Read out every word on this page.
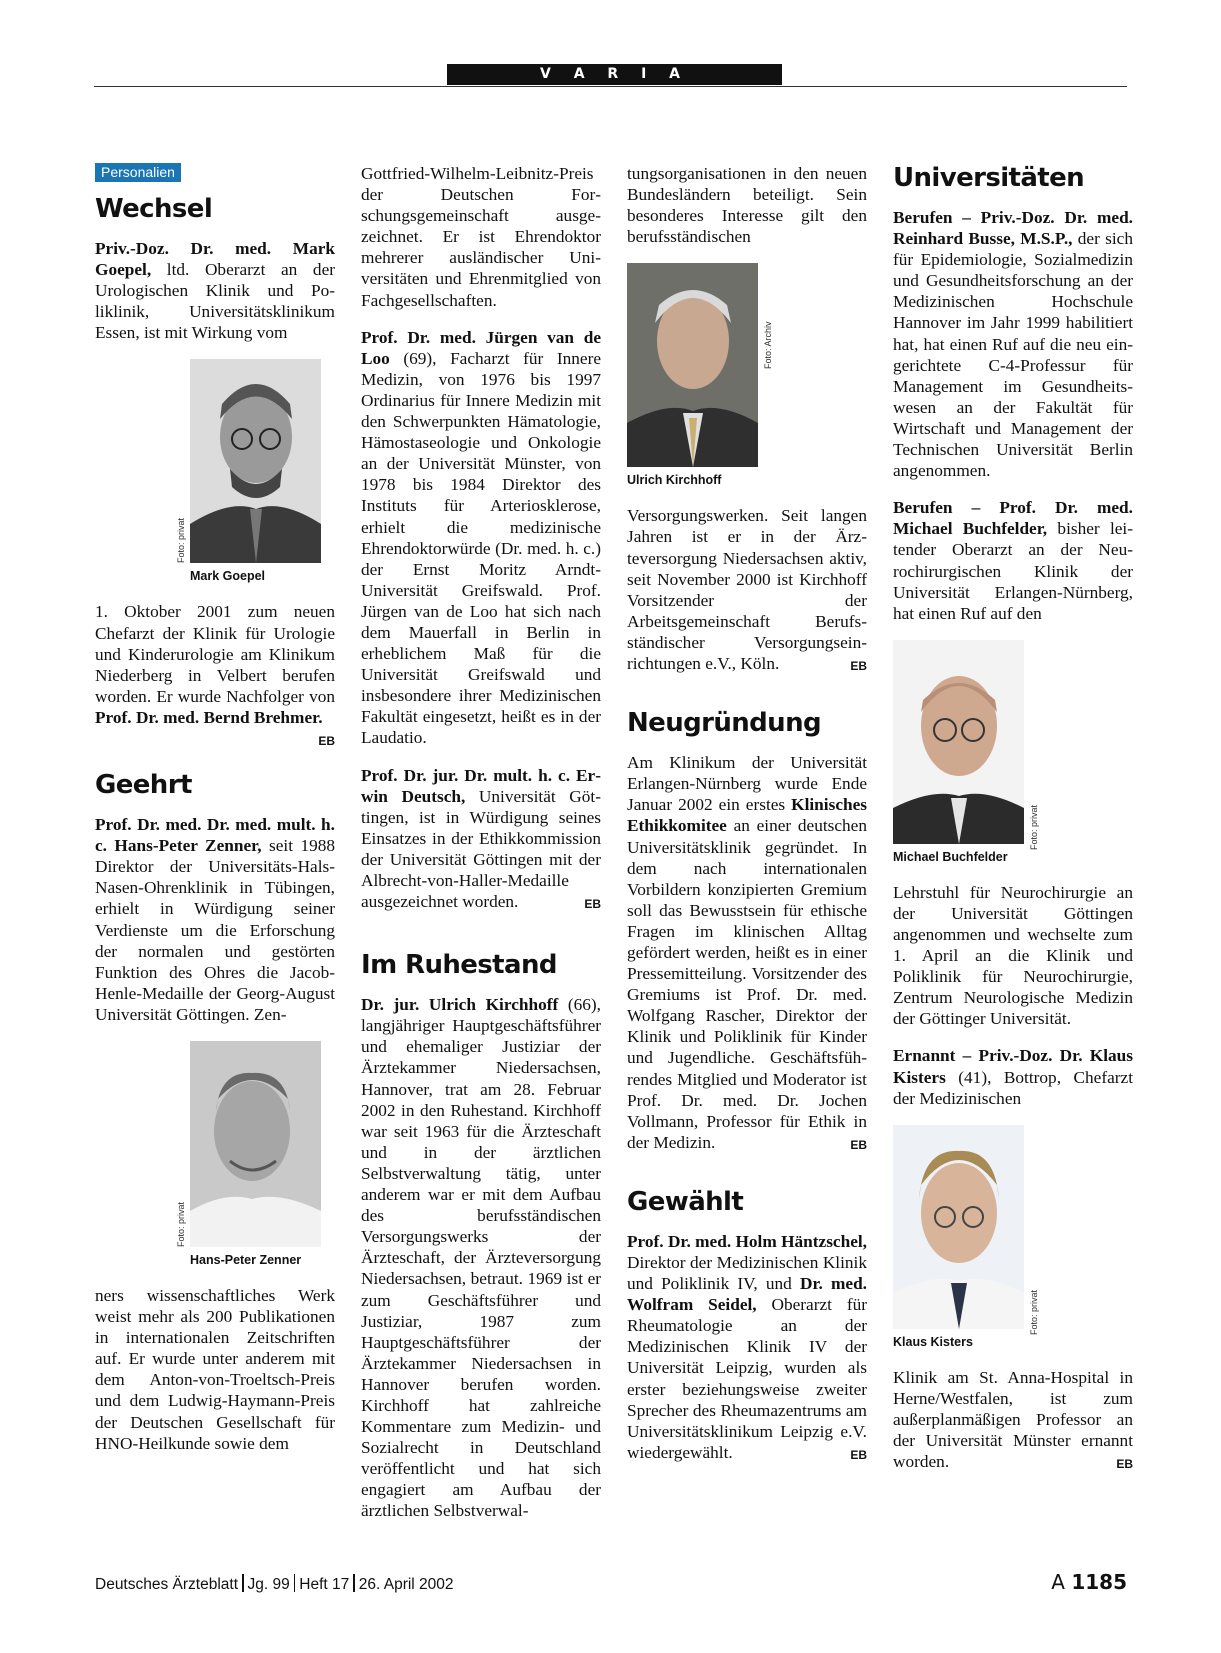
V A R I A
Personalien
Wechsel

Priv.-Doz. Dr. med. Mark Goepel, ltd. Oberarzt an der Urologischen Klinik und Poliklinik, Universitätsklinikum Essen, ist mit Wirkung vom

Foto: privat
Mark Goepel

1. Oktober 2001 zum neuen Chefarzt der Klinik für Urologie und Kinderurologie am Klinikum Niederberg in Velbert berufen worden. Er wurde Nachfolger von Prof. Dr. med. Bernd Brehmer.
EB

Geehrt

Prof. Dr. med. Dr. med. mult. h. c. Hans-Peter Zenner, seit 1988 Direktor der Universitäts-Hals-Nasen-Ohrenklinik in Tübingen, erhielt in Würdigung seiner Verdienste um die Erforschung der normalen und gestörten Funktion des Ohres die Jacob-Henle-Medaille der Georg-August Universität Göttingen. Zen-

Foto: privat
Hans-Peter Zenner

ners wissenschaftliches Werk weist mehr als 200 Publikationen in internationalen Zeitschriften auf. Er wurde unter anderem mit dem Anton-von-Troeltsch-Preis und dem Ludwig-Haymann-Preis der Deutschen Gesellschaft für HNO-Heilkunde sowie dem

Gottfried-Wilhelm-Leibnitz-Preis der Deutschen Forschungsgemeinschaft ausgezeichnet. Er ist Ehrendoktor mehrerer ausländischer Universitäten und Ehrenmitglied von Fachgesellschaften.

Prof. Dr. med. Jürgen van de Loo (69), Facharzt für Innere Medizin, von 1976 bis 1997 Ordinarius für Innere Medizin mit den Schwerpunkten Hämatologie, Hämostaseologie und Onkologie an der Universität Münster, von 1978 bis 1984 Direktor des Instituts für Arteriosklerose, erhielt die medizinische Ehrendoktorwürde (Dr. med. h. c.) der Ernst Moritz Arndt-Universität Greifswald. Prof. Jürgen van de Loo hat sich nach dem Mauerfall in Berlin in erheblichem Maß für die Universität Greifswald und insbesondere ihrer Medizinischen Fakultät eingesetzt, heißt es in der Laudatio.

Prof. Dr. jur. Dr. mult. h. c. Erwin Deutsch, Universität Göttingen, ist in Würdigung seines Einsatzes in der Ethikkommission der Universität Göttingen mit der Albrecht-von-Haller-Medaille ausgezeichnet worden.	EB

Im Ruhestand

Dr. jur. Ulrich Kirchhoff (66), langjähriger Hauptgeschäftsführer und ehemaliger Justiziar der Ärztekammer Niedersachsen, Hannover, trat am 28. Februar 2002 in den Ruhestand. Kirchhoff war seit 1963 für die Ärzteschaft und in der ärztlichen Selbstverwaltung tätig, unter anderem war er mit dem Aufbau des berufsständischen Versorgungswerks der Ärzteschaft, der Ärzteversorgung Niedersachsen, betraut. 1969 ist er zum Geschäftsführer und Justiziar, 1987 zum Hauptgeschäftsführer der Ärztekammer Niedersachsen in Hannover berufen worden. Kirchhoff hat zahlreiche Kommentare zum Medizin- und Sozialrecht in Deutschland veröffentlicht und hat sich engagiert am Aufbau der ärztlichen Selbstverwal-

tungsorganisationen in den neuen Bundesländern beteiligt. Sein besonderes Interesse gilt den berufsständischen

Foto: Archiv
Ulrich Kirchhoff

Versorgungswerken. Seit langen Jahren ist er in der Ärzteversorgung Niedersachsen aktiv, seit November 2000 ist Kirchhoff Vorsitzender der Arbeitsgemeinschaft Berufsständischer Versorgungseinrichtungen e.V., Köln.	EB

Neugründung

Am Klinikum der Universität Erlangen-Nürnberg wurde Ende Januar 2002 ein erstes Klinisches Ethikkomitee an einer deutschen Universitätsklinik gegründet. In dem nach internationalen Vorbildern konzipierten Gremium soll das Bewusstsein für ethische Fragen im klinischen Alltag gefördert werden, heißt es in einer Pressemitteilung. Vorsitzender des Gremiums ist Prof. Dr. med. Wolfgang Rascher, Direktor der Klinik und Poliklinik für Kinder und Jugendliche. Geschäftsführendes Mitglied und Moderator ist Prof. Dr. med. Dr. Jochen Vollmann, Professor für Ethik in der Medizin.	EB

Gewählt

Prof. Dr. med. Holm Häntzschel, Direktor der Medizinischen Klinik und Poliklinik IV, und Dr. med. Wolfram Seidel, Oberarzt für Rheumatologie an der Medizinischen Klinik IV der Universität Leipzig, wurden als erster beziehungsweise zweiter Sprecher des Rheumazentrums am Universitätsklinikum Leipzig e.V. wiedergewählt.	EB

Universitäten

Berufen – Priv.-Doz. Dr. med. Reinhard Busse, M.S.P., der sich für Epidemiologie, Sozialmedizin und Gesundheitsforschung an der Medizinischen Hochschule Hannover im Jahr 1999 habilitiert hat, hat einen Ruf auf die neu eingerichtete C-4-Professur für Management im Gesundheitswesen an der Fakultät für Wirtschaft und Management der Technischen Universität Berlin angenommen.

Berufen – Prof. Dr. med. Michael Buchfelder, bisher leitender Oberarzt an der Neurochirurgischen Klinik der Universität Erlangen-Nürnberg, hat einen Ruf auf den

Foto: privat
Michael Buchfelder

Lehrstuhl für Neurochirurgie an der Universität Göttingen angenommen und wechselte zum 1. April an die Klinik und Poliklinik für Neurochirurgie, Zentrum Neurologische Medizin der Göttinger Universität.

Ernannt – Priv.-Doz. Dr. Klaus Kisters (41), Bottrop, Chefarzt der Medizinischen

Foto: privat
Klaus Kisters

Klinik am St. Anna-Hospital in Herne/Westfalen, ist zum außerplanmäßigen Professor an der Universität Münster ernannt worden.	EB

Deutsches Ärzteblatt Jg. 99 Heft 17 26. April 2002	A 1185
